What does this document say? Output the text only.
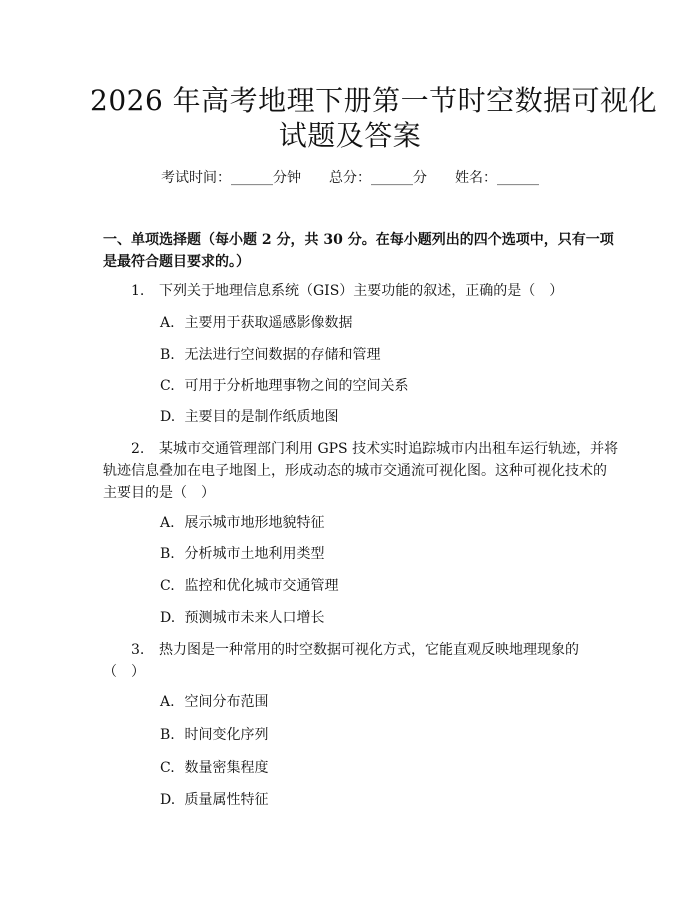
2026 年高考地理下册第一节时空数据可视化
试题及答案
考试时间：______分钟 总分：______分 姓名：______
一、单项选择题（每小题 2 分，共 30 分。在每小题列出的四个选项中，只有一项
是最符合题目要求的。）
1. 下列关于地理信息系统（GIS）主要功能的叙述，正确的是（　）
A. 主要用于获取遥感影像数据
B. 无法进行空间数据的存储和管理
C. 可用于分析地理事物之间的空间关系
D. 主要目的是制作纸质地图
2. 某城市交通管理部门利用 GPS 技术实时追踪城市内出租车运行轨迹，并将
轨迹信息叠加在电子地图上，形成动态的城市交通流可视化图。这种可视化技术的
主要目的是（　）
A. 展示城市地形地貌特征
B. 分析城市土地利用类型
C. 监控和优化城市交通管理
D. 预测城市未来人口增长
3. 热力图是一种常用的时空数据可视化方式，它能直观反映地理现象的
（　）
A. 空间分布范围
B. 时间变化序列
C. 数量密集程度
D. 质量属性特征
